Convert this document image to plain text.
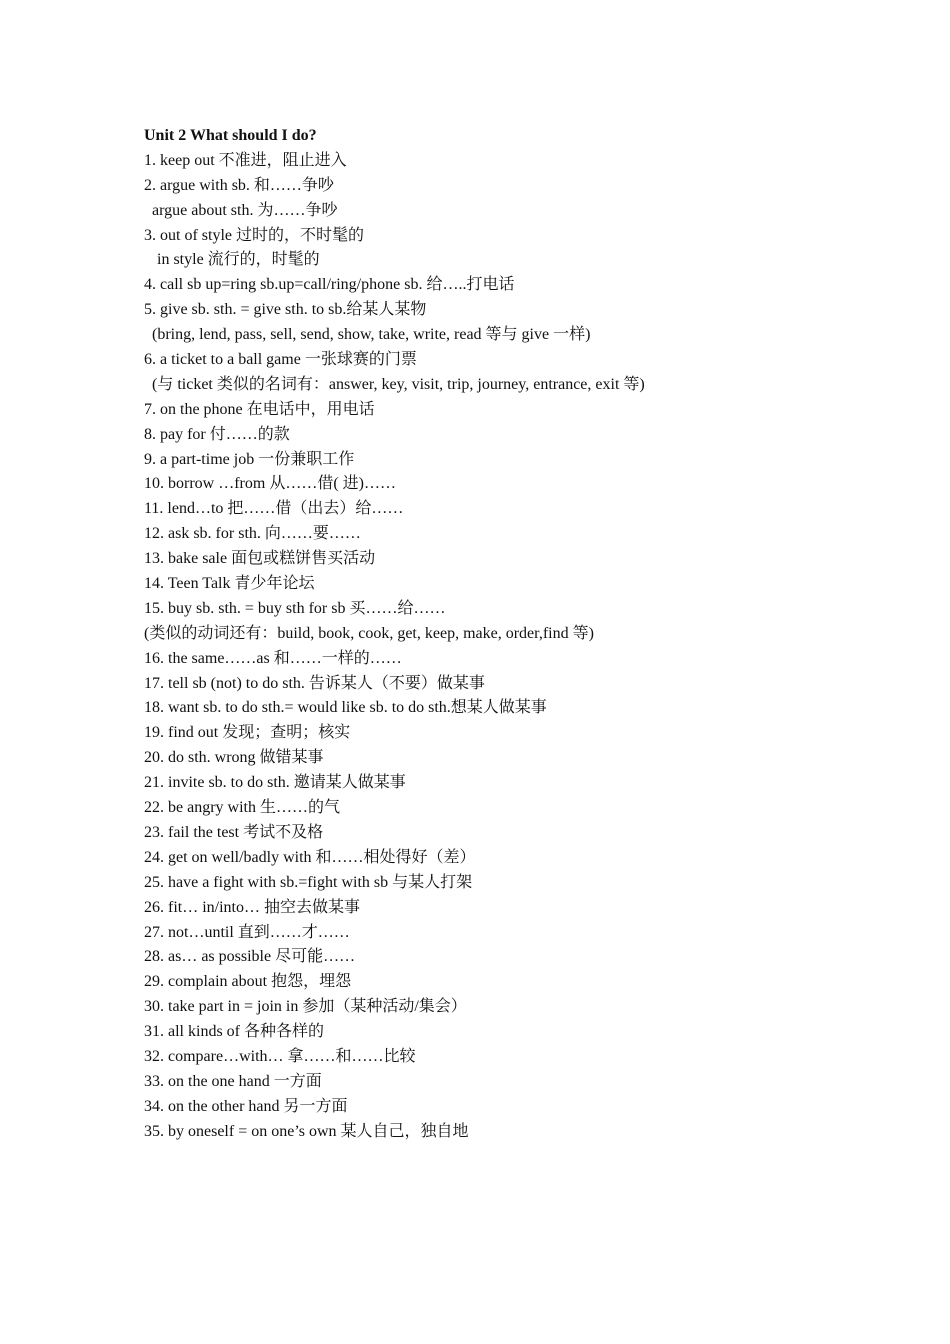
Unit 2 What should I do?
1. keep out 不准进，阻止进入
2. argue with sb. 和……争吵
argue about sth. 为……争吵
3. out of style 过时的，不时髦的
in style 流行的，时髦的
4. call sb up=ring sb.up=call/ring/phone sb. 给…..打电话
5. give sb. sth. = give sth. to sb.给某人某物
(bring, lend, pass, sell, send, show, take, write, read 等与 give 一样)
6. a ticket to a ball game 一张球赛的门票
(与 ticket 类似的名词有：answer, key, visit, trip, journey, entrance, exit 等)
7. on the phone 在电话中，用电话
8. pay for 付……的款
9. a part-time job 一份兼职工作
10. borrow …from 从……借( 进)……
11. lend…to 把……借（出去）给……
12. ask sb. for sth. 向……要……
13. bake sale 面包或糕饼售买活动
14. Teen Talk 青少年论坛
15. buy sb. sth. = buy sth for sb 买……给……
(类似的动词还有：build, book, cook, get, keep, make, order,find 等)
16. the same……as 和……一样的……
17. tell sb (not) to do sth. 告诉某人（不要）做某事
18. want sb. to do sth.= would like sb. to do sth.想某人做某事
19. find out 发现；查明；核实
20. do sth. wrong 做错某事
21. invite sb. to do sth. 邀请某人做某事
22. be angry with 生……的气
23. fail the test 考试不及格
24. get on well/badly with 和……相处得好（差）
25. have a fight with sb.=fight with sb 与某人打架
26. fit… in/into… 抽空去做某事
27. not…until 直到……才……
28. as… as possible 尽可能……
29. complain about 抱怨，埋怨
30. take part in = join in 参加（某种活动/集会）
31. all kinds of 各种各样的
32. compare…with… 拿……和……比较
33. on the one hand 一方面
34. on the other hand 另一方面
35. by oneself = on one’s own 某人自己，独自地
